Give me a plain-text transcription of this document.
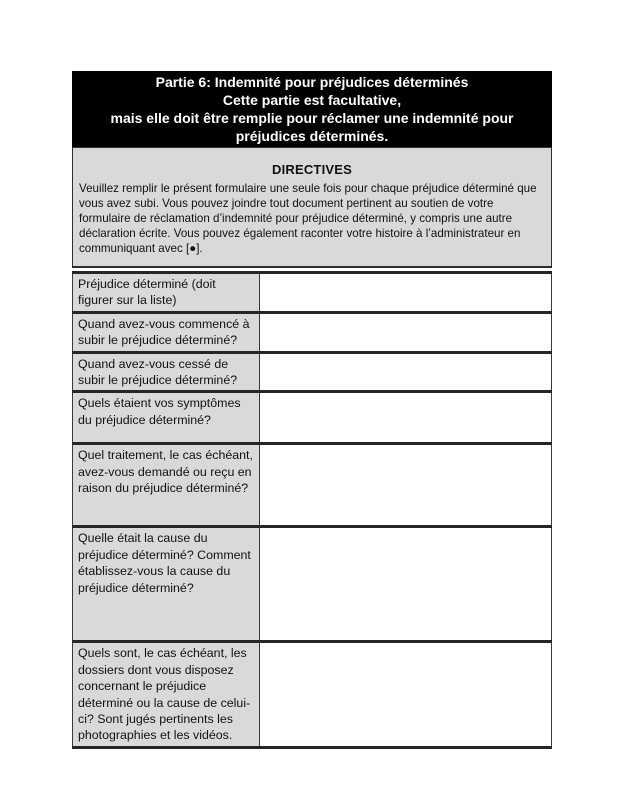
Partie 6: Indemnité pour préjudices déterminés
Cette partie est facultative,
mais elle doit être remplie pour réclamer une indemnité pour
préjudices déterminés.
DIRECTIVES
Veuillez remplir le présent formulaire une seule fois pour chaque préjudice déterminé que vous avez subi. Vous pouvez joindre tout document pertinent au soutien de votre formulaire de réclamation d’indemnité pour préjudice déterminé, y compris une autre déclaration écrite. Vous pouvez également raconter votre histoire à l’administrateur en communiquant avec [●].
Préjudice déterminé (doit figurer sur la liste)	
Quand avez-vous commencé à subir le préjudice déterminé?	
Quand avez-vous cessé de subir le préjudice déterminé?	
Quels étaient vos symptômes du préjudice déterminé?	
Quel traitement, le cas échéant, avez-vous demandé ou reçu en raison du préjudice déterminé?	
Quelle était la cause du préjudice déterminé? Comment établissez-vous la cause du préjudice déterminé?	
Quels sont, le cas échéant, les dossiers dont vous disposez concernant le préjudice déterminé ou la cause de celui-ci? Sont jugés pertinents les photographies et les vidéos.	
